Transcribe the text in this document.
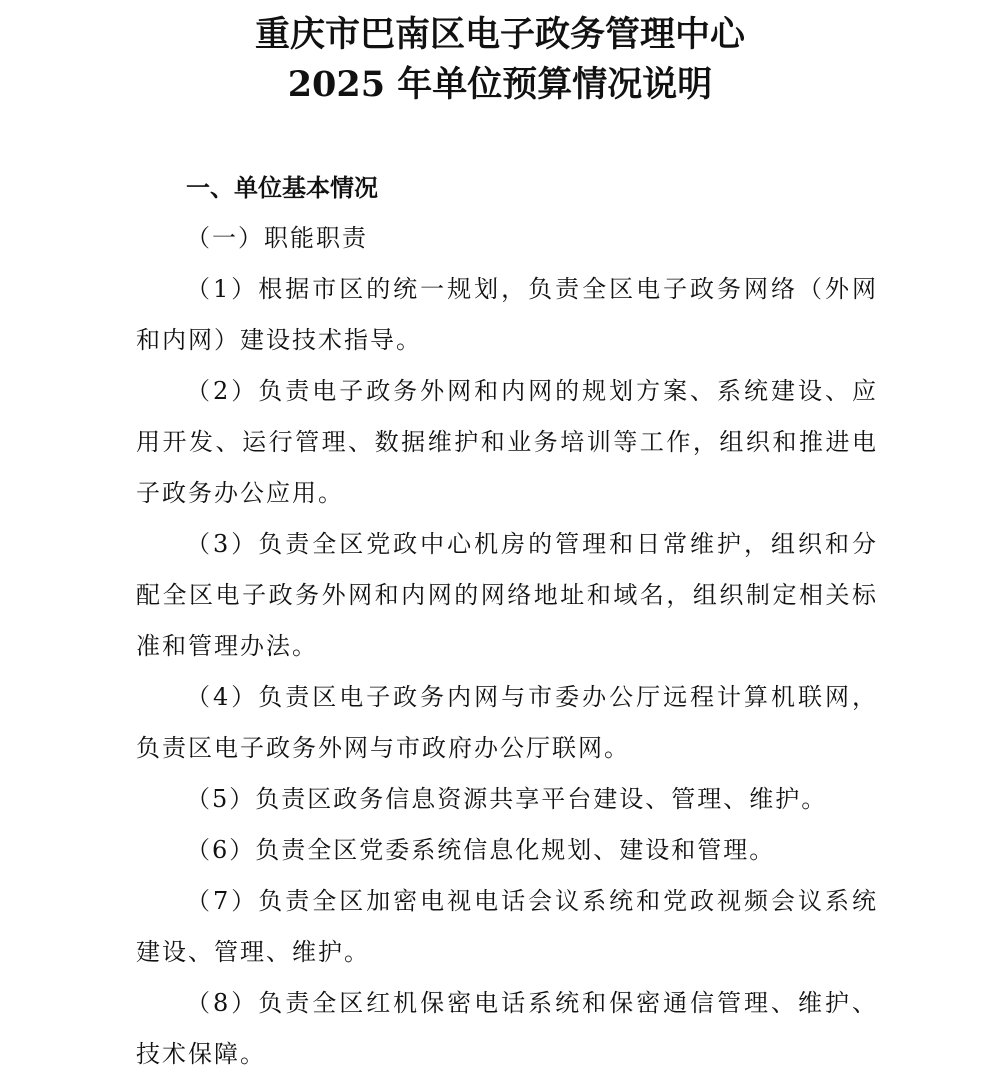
重庆市巴南区电子政务管理中心
2025 年单位预算情况说明

一、单位基本情况

（一）职能职责

（1）根据市区的统一规划，负责全区电子政务网络（外网和内网）建设技术指导。

（2）负责电子政务外网和内网的规划方案、系统建设、应用开发、运行管理、数据维护和业务培训等工作，组织和推进电子政务办公应用。

（3）负责全区党政中心机房的管理和日常维护，组织和分配全区电子政务外网和内网的网络地址和域名，组织制定相关标准和管理办法。

（4）负责区电子政务内网与市委办公厅远程计算机联网，负责区电子政务外网与市政府办公厅联网。

（5）负责区政务信息资源共享平台建设、管理、维护。

（6）负责全区党委系统信息化规划、建设和管理。

（7）负责全区加密电视电话会议系统和党政视频会议系统建设、管理、维护。

（8）负责全区红机保密电话系统和保密通信管理、维护、技术保障。
